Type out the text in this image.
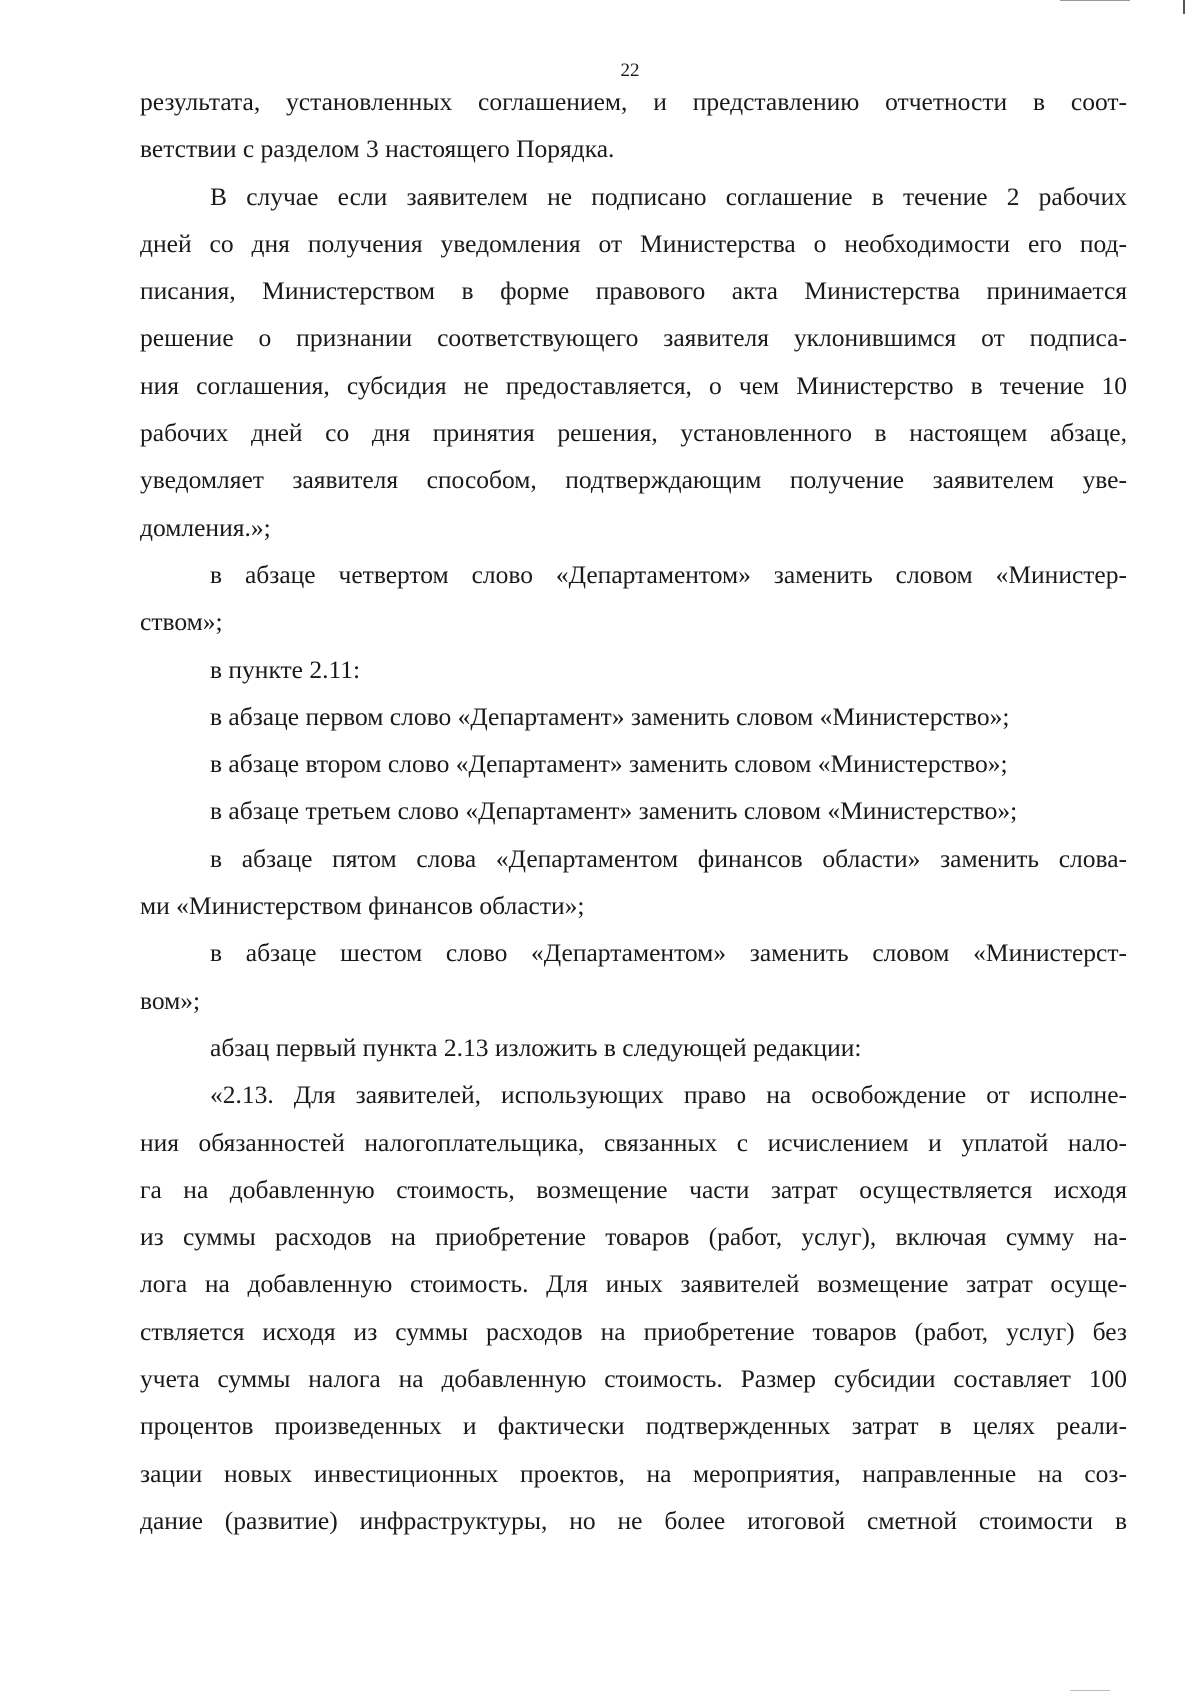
22
результата, установленных соглашением, и представлению отчетности в соот-
ветствии с разделом 3 настоящего Порядка.
В случае если заявителем не подписано соглашение в течение 2 рабочих
дней со дня получения уведомления от Министерства о необходимости его под-
писания, Министерством в форме правового акта Министерства принимается
решение о признании соответствующего заявителя уклонившимся от подписа-
ния соглашения, субсидия не предоставляется, о чем Министерство в течение 10
рабочих дней со дня принятия решения, установленного в настоящем абзаце,
уведомляет заявителя способом, подтверждающим получение заявителем уве-
домления.»;
в абзаце четвертом слово «Департаментом» заменить словом «Министер-
ством»;
в пункте 2.11:
в абзаце первом слово «Департамент» заменить словом «Министерство»;
в абзаце втором слово «Департамент» заменить словом «Министерство»;
в абзаце третьем слово «Департамент» заменить словом «Министерство»;
в абзаце пятом слова «Департаментом финансов области» заменить слова-
ми «Министерством финансов области»;
в абзаце шестом слово «Департаментом» заменить словом «Министерст-
вом»;
абзац первый пункта 2.13 изложить в следующей редакции:
«2.13. Для заявителей, использующих право на освобождение от исполне-
ния обязанностей налогоплательщика, связанных с исчислением и уплатой нало-
га на добавленную стоимость, возмещение части затрат осуществляется исходя
из суммы расходов на приобретение товаров (работ, услуг), включая сумму на-
лога на добавленную стоимость. Для иных заявителей возмещение затрат осуще-
ствляется исходя из суммы расходов на приобретение товаров (работ, услуг) без
учета суммы налога на добавленную стоимость. Размер субсидии составляет 100
процентов произведенных и фактически подтвержденных затрат в целях реали-
зации новых инвестиционных проектов, на мероприятия, направленные на соз-
дание (развитие) инфраструктуры, но не более итоговой сметной стоимости в
